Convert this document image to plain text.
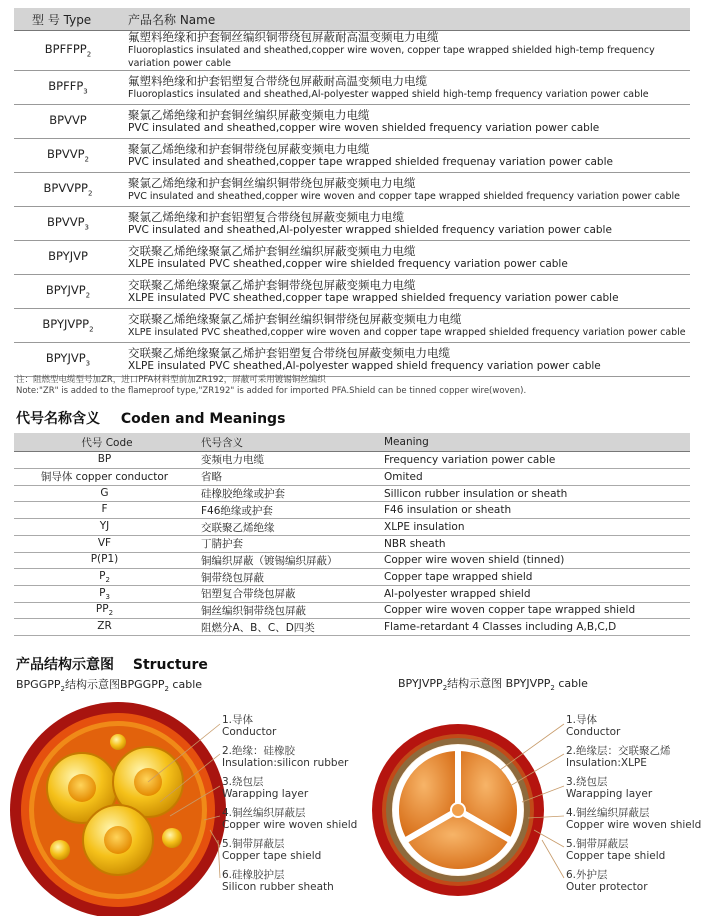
型 号 Type	产品名称 Name
$BPFFPP_2$	氟塑料绝缘和护套铜丝编织铜带绕包屏蔽耐高温变频电力电缆
Fluoroplastics insulated and sheathed,copper wire woven, copper tape wrapped shielded high-temp frequency variation power cable

$BPFFP_3$	氟塑料绝缘和护套铝塑复合带绕包屏蔽耐高温变频电力电缆
Fluoroplastics insulated and sheathed,Al-polyester wapped shield high-temp frequency variation power cable

BPVVP	聚氯乙烯绝缘和护套铜丝编织屏蔽变频电力电缆
PVC insulated and sheathed,copper wire woven shielded frequency variation power cable

$BPVVP_2$	聚氯乙烯绝缘和护套铜带绕包屏蔽变频电力电缆
PVC insulated and sheathed,copper tape wrapped shielded frequenay variation power cable

$BPVVPP_2$	聚氯乙烯绝缘和护套铜丝编织铜带绕包屏蔽变频电力电缆
PVC insulated and sheathed,copper wire woven and copper tape wrapped shielded frequency variation power cable

$BPVVP_3$	聚氯乙烯绝缘和护套铝塑复合带绕包屏蔽变频电力电缆
PVC insulated and sheathed,Al-polyester wrapped shielded frequency variation power cable

BPYJVP	交联聚乙烯绝缘聚氯乙烯护套铜丝编织屏蔽变频电力电缆
XLPE insulated PVC sheathed,copper wire shielded frequency variation power cable

$BPYJVP_2$	交联聚乙烯绝缘聚氯乙烯护套铜带绕包屏蔽变频电力电缆
XLPE insulated PVC sheathed,copper tape wrapped shielded frequency variation power cable

$BPYJVPP_2$	交联聚乙烯绝缘聚氯乙烯护套铜丝编织铜带绕包屏蔽变频电力电缆
XLPE insulated PVC sheathed,copper wire woven and copper tape wrapped shielded frequency variation power cable

$BPYJVP_3$	交联聚乙烯绝缘聚氯乙烯护套铝塑复合带绕包屏蔽变频电力电缆
XLPE insulated PVC sheathed,Al-polyester wapped shield frequency variation power cable
注：阻燃型电缆型号加ZR，进口PFA材料型前加ZR192，屏蔽可采用镀锡铜丝编织
Note:"ZR" is added to the flameproof type,"ZR192" is added for imported PFA.Shield can be tinned copper wire(woven).
代号名称含义 Coden and Meanings
代号 Code	代号含义	Meaning
BP	变频电力电缆	Frequency variation power cable
铜导体 copper conductor	省略	Omited
G	硅橡胶绝缘或护套	Sillicon rubber insulation or sheath
F	F46绝缘或护套	F46 insulation or sheath
YJ	交联聚乙烯绝缘	XLPE insulation
VF	丁腈护套	NBR sheath
P(P1)	铜编织屏蔽（镀锡编织屏蔽）	Copper wire woven shield (tinned)
$P_2$	铜带绕包屏蔽	Copper tape wrapped shield
$P_3$	铝塑复合带绕包屏蔽	Al-polyester wrapped shield
$PP_2$	铜丝编织铜带绕包屏蔽	Copper wire woven copper tape wrapped shield
ZR	阻燃分A、B、C、D四类	Flame-retardant 4 Classes including A,B,C,D
产品结构示意图 Structure
$BPGGPP_2$结构示意图$BPGGPP_2$ cable	$BPYJVPP_2$结构示意图 $BPYJVPP_2$ cable
1.导体
Conductor
2.绝缘：硅橡胶
Insulation:silicon rubber
3.绕包层
Warapping layer
4.铜丝编织屏蔽层
Copper wire woven shield
5.铜带屏蔽层
Copper tape shield
6.硅橡胶护层
Silicon rubber sheath
1.导体
Conductor
2.绝缘层：交联聚乙烯
Insulation:XLPE
3.绕包层
Warapping layer
4.铜丝编织屏蔽层
Copper wire woven shield
5.铜带屏蔽层
Copper tape shield
6.外护层
Outer protector
